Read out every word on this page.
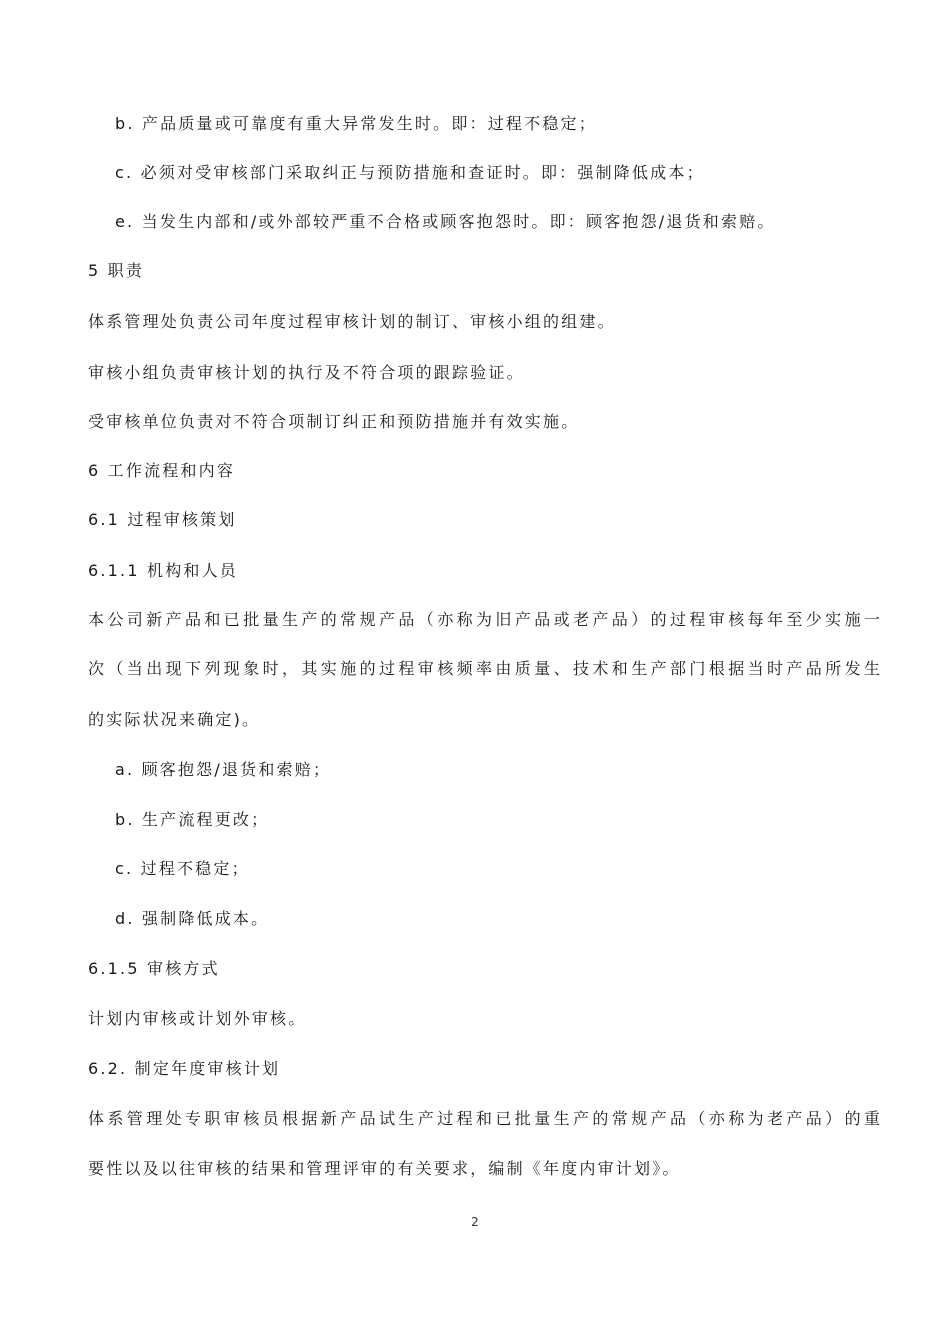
b. 产品质量或可靠度有重大异常发生时。即：过程不稳定；
c. 必须对受审核部门采取纠正与预防措施和查证时。即：强制降低成本；
e. 当发生内部和/或外部较严重不合格或顾客抱怨时。即：顾客抱怨/退货和索赔。
5 职责
体系管理处负责公司年度过程审核计划的制订、审核小组的组建。
审核小组负责审核计划的执行及不符合项的跟踪验证。
受审核单位负责对不符合项制订纠正和预防措施并有效实施。
6 工作流程和内容
6.1 过程审核策划
6.1.1 机构和人员
本公司新产品和已批量生产的常规产品（亦称为旧产品或老产品）的过程审核每年至少实施一
次（当出现下列现象时，其实施的过程审核频率由质量、技术和生产部门根据当时产品所发生
的实际状况来确定)。
a. 顾客抱怨/退货和索赔；
b. 生产流程更改；
c. 过程不稳定；
d. 强制降低成本。
6.1.5 审核方式
计划内审核或计划外审核。
6.2. 制定年度审核计划
体系管理处专职审核员根据新产品试生产过程和已批量生产的常规产品（亦称为老产品）的重
要性以及以往审核的结果和管理评审的有关要求，编制《年度内审计划》。
2
